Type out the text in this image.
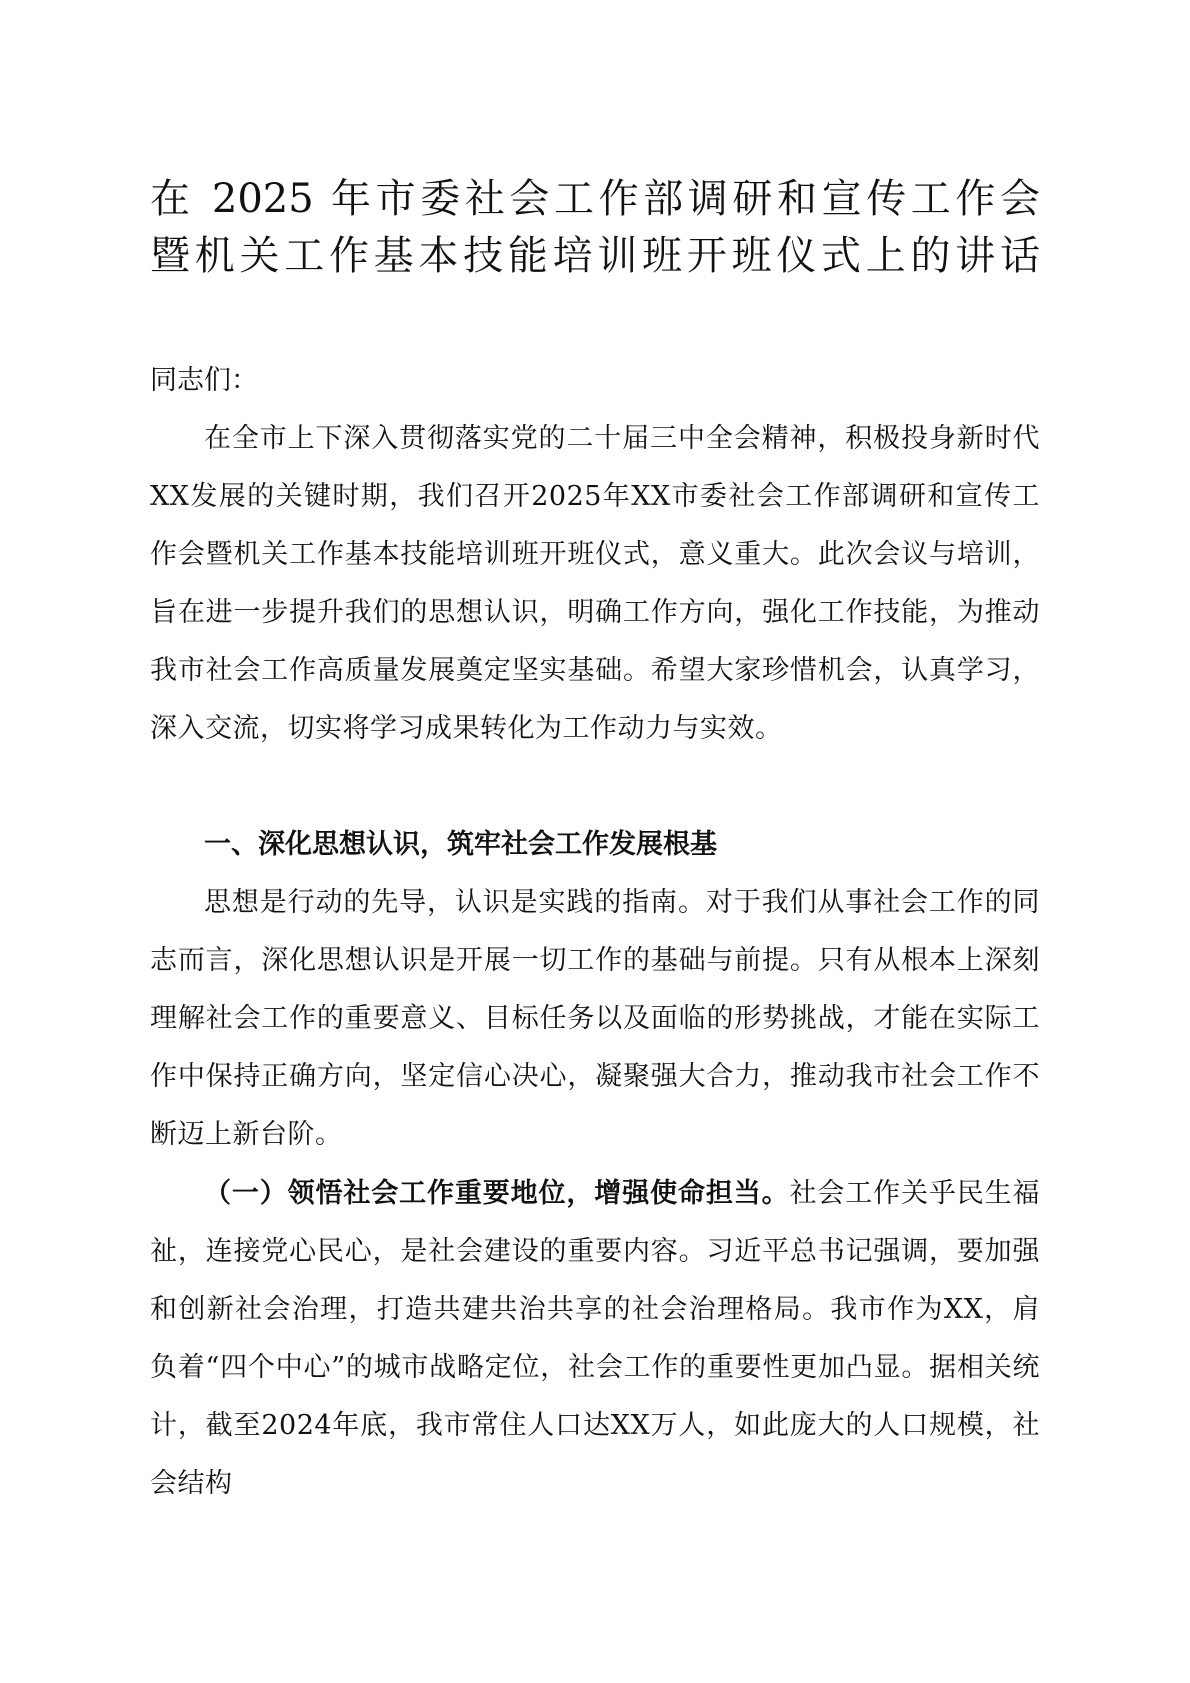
在 2025 年市委社会工作部调研和宣传工作会
暨机关工作基本技能培训班开班仪式上的讲话

同志们：

在全市上下深入贯彻落实党的二十届三中全会精神，积极投身新时代XX发展的关键时期，我们召开2025年XX市委社会工作部调研和宣传工作会暨机关工作基本技能培训班开班仪式，意义重大。此次会议与培训，旨在进一步提升我们的思想认识，明确工作方向，强化工作技能，为推动我市社会工作高质量发展奠定坚实基础。希望大家珍惜机会，认真学习，深入交流，切实将学习成果转化为工作动力与实效。

一、深化思想认识，筑牢社会工作发展根基

思想是行动的先导，认识是实践的指南。对于我们从事社会工作的同志而言，深化思想认识是开展一切工作的基础与前提。只有从根本上深刻理解社会工作的重要意义、目标任务以及面临的形势挑战，才能在实际工作中保持正确方向，坚定信心决心，凝聚强大合力，推动我市社会工作不断迈上新台阶。

（一）领悟社会工作重要地位，增强使命担当。社会工作关乎民生福祉，连接党心民心，是社会建设的重要内容。习近平总书记强调，要加强和创新社会治理，打造共建共治共享的社会治理格局。我市作为XX，肩负着“四个中心”的城市战略定位，社会工作的重要性更加凸显。据相关统计，截至2024年底，我市常住人口达XX万人，如此庞大的人口规模，社会结构
